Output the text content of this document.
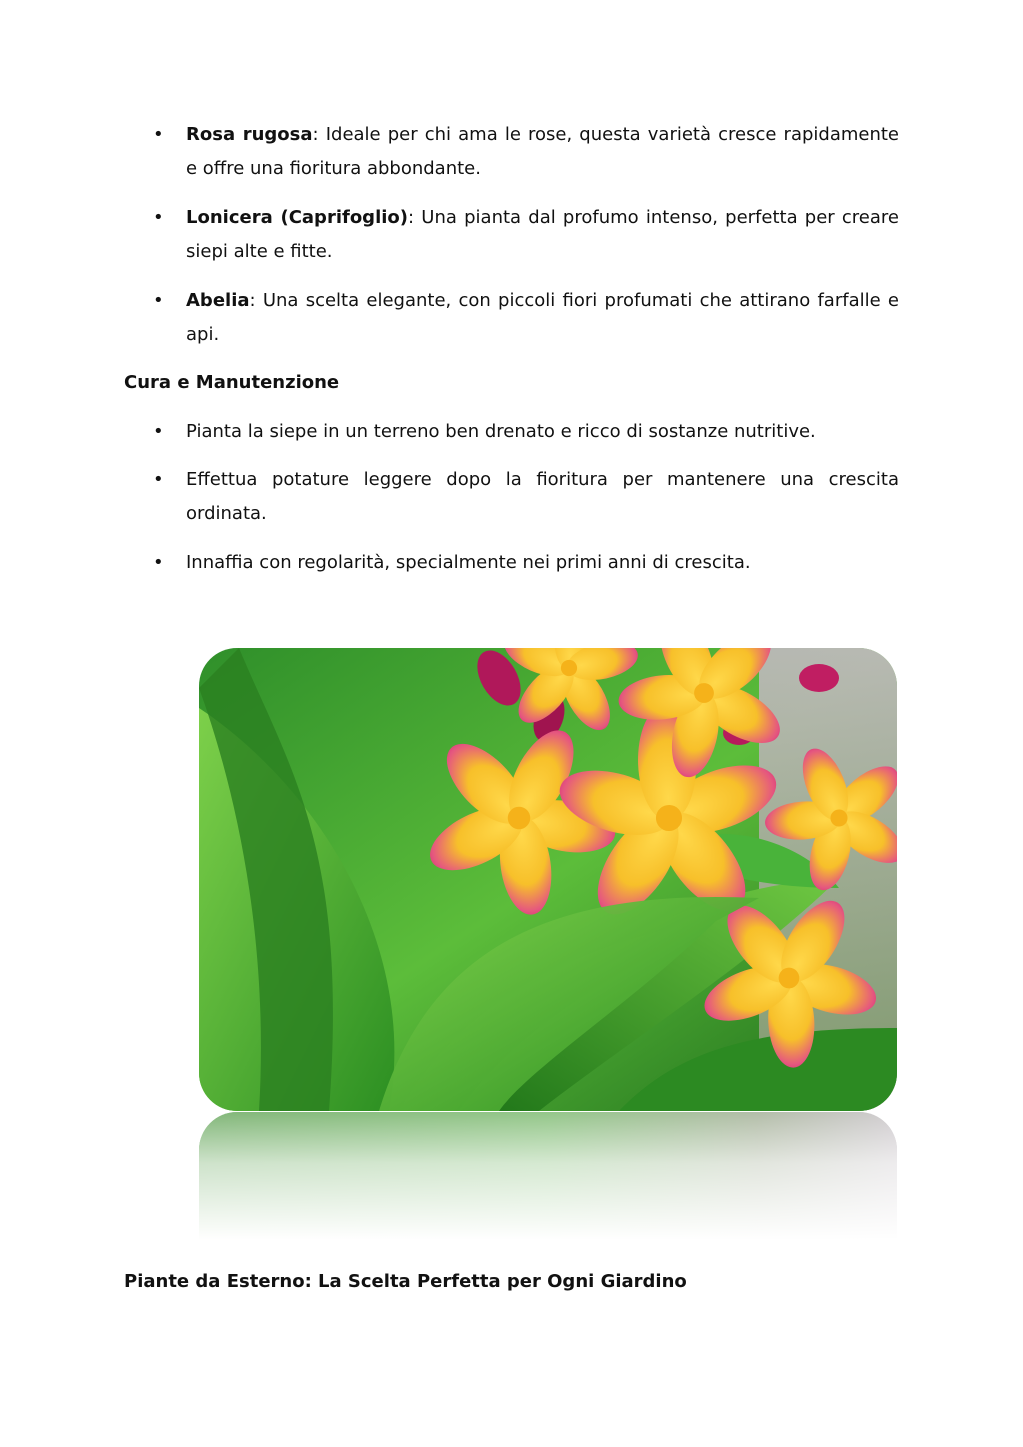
• Rosa rugosa: Ideale per chi ama le rose, questa varietà cresce rapidamente e offre una fioritura abbondante.
• Lonicera (Caprifoglio): Una pianta dal profumo intenso, perfetta per creare siepi alte e fitte.
• Abelia: Una scelta elegante, con piccoli fiori profumati che attirano farfalle e api.
Cura e Manutenzione
• Pianta la siepe in un terreno ben drenato e ricco di sostanze nutritive.
• Effettua potature leggere dopo la fioritura per mantenere una crescita ordinata.
• Innaffia con regolarità, specialmente nei primi anni di crescita.
Piante da Esterno: La Scelta Perfetta per Ogni Giardino
